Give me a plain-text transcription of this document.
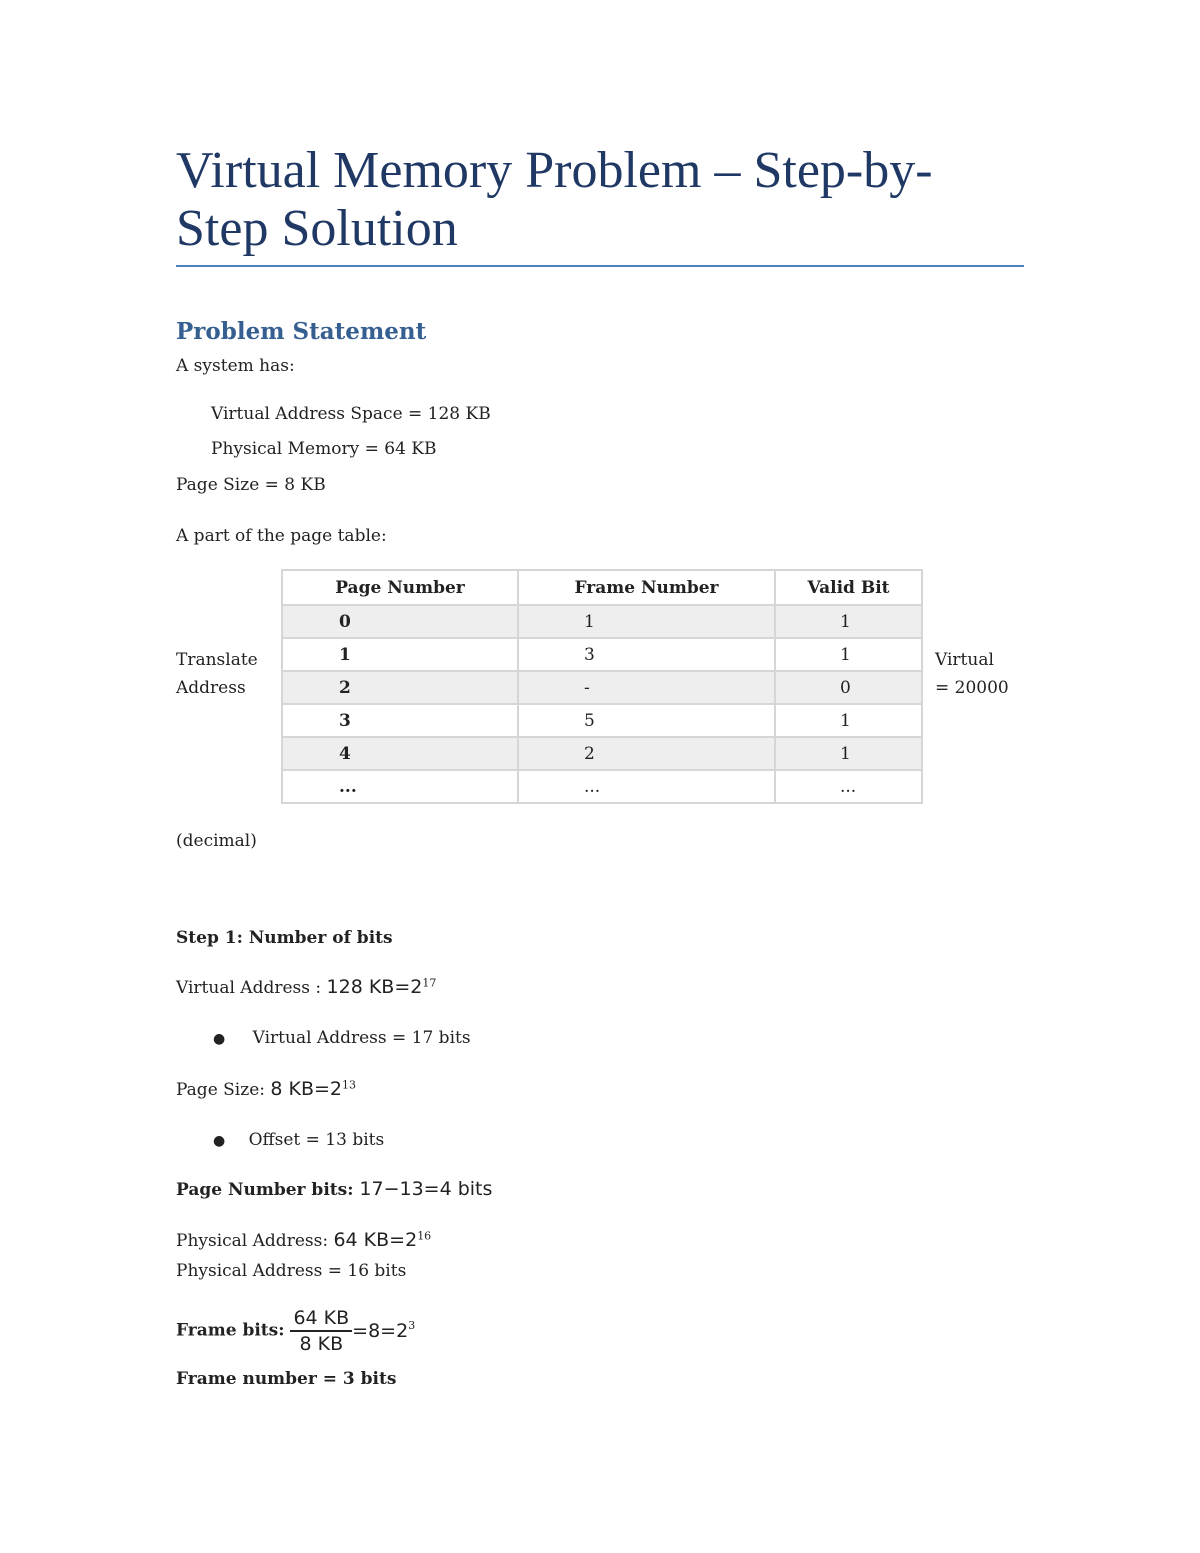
Virtual Memory Problem – Step-by-Step Solution
Problem Statement
A system has:
Virtual Address Space = 128 KB
Physical Memory = 64 KB
Page Size = 8 KB
A part of the page table:
Translate
Address
(decimal)
Virtual
= 20000
Page Number	Frame Number	Valid Bit
0	1	1
1	3	1
2	-	0
3	5	1
4	2	1
...	...	...
Step 1: Number of bits
Virtual Address : 128 $KB=2^{17}$
● Virtual Address = 17 bits
Page Size: 8 $KB=2^{13}$
● Offset = 13 bits
Page Number bits: 17−13=4 bits
Physical Address: 64 $KB=2^{16}$
Physical Address = 16 bits
Frame bits: $\frac{64 KB}{8 KB} =8=2^3$
Frame number = 3 bits
